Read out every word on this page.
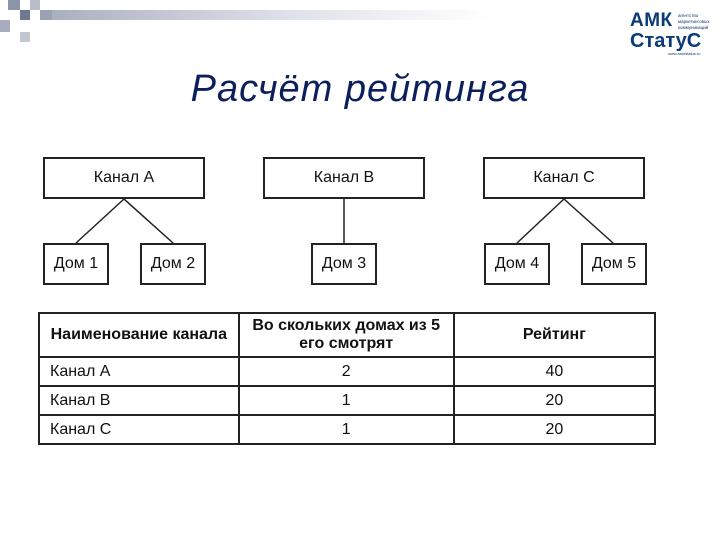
АМК агентство
маркетинговых
коммуникаций
СтатуС
www.amkstatus.ru
Расчёт рейтинга
Канал А	Канал В	Канал С
Дом 1	Дом 2	Дом 3	Дом 4	Дом 5
Наименование канала	Во скольких домах из 5 его смотрят	Рейтинг
Канал А	2	40
Канал В	1	20
Канал С	1	20
